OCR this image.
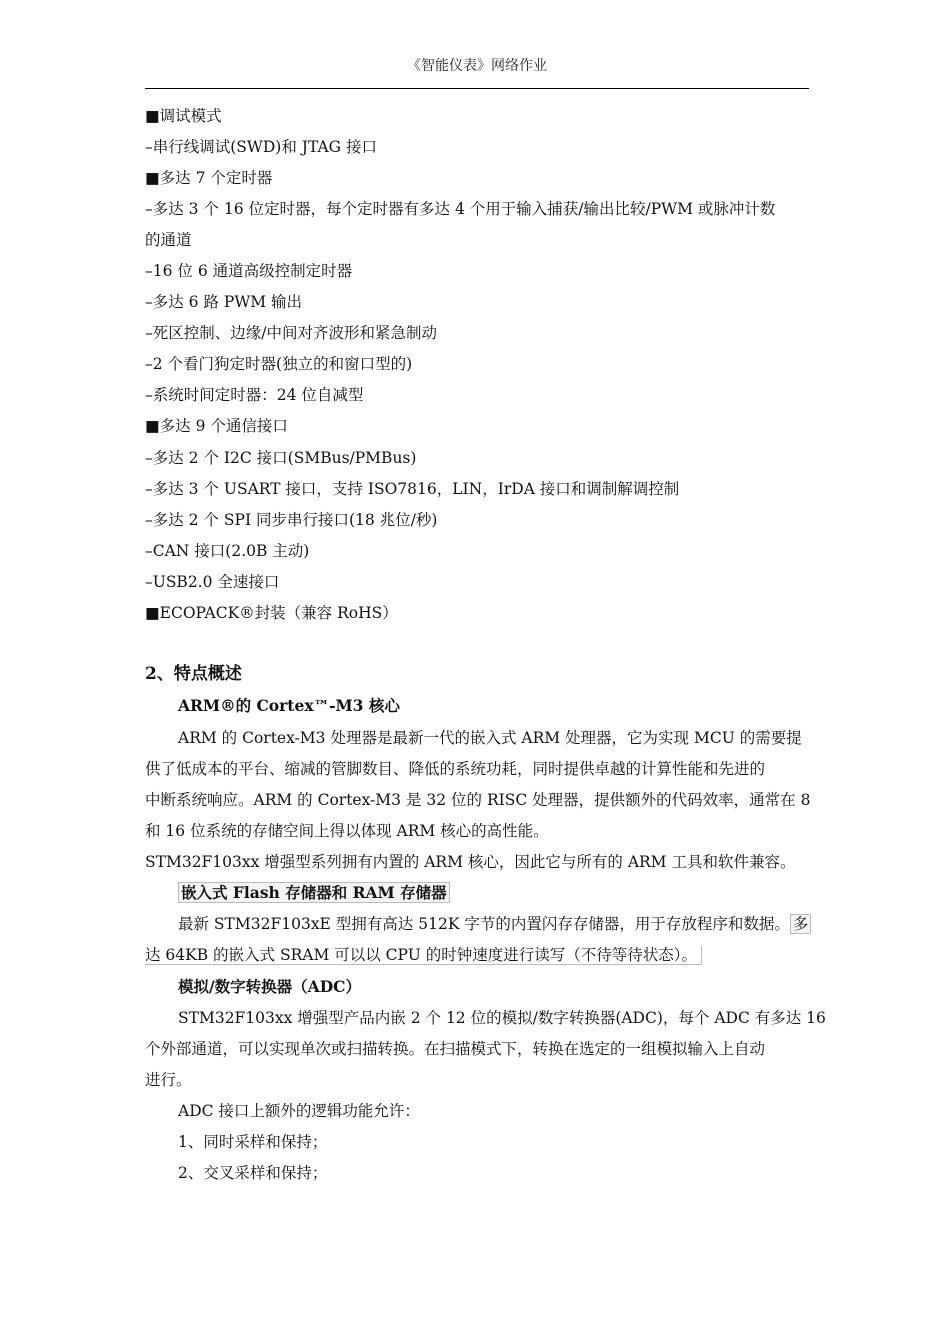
《智能仪表》网络作业
■调试模式
–串行线调试(SWD)和 JTAG 接口
■多达 7 个定时器
–多达 3 个 16 位定时器，每个定时器有多达 4 个用于输入捕获/输出比较/PWM 或脉冲计数
的通道
–16 位 6 通道高级控制定时器
–多达 6 路 PWM 输出
–死区控制、边缘/中间对齐波形和紧急制动
–2 个看门狗定时器(独立的和窗口型的)
–系统时间定时器：24 位自减型
■多达 9 个通信接口
–多达 2 个 I2C 接口(SMBus/PMBus)
–多达 3 个 USART 接口，支持 ISO7816，LIN，IrDA 接口和调制解调控制
–多达 2 个 SPI 同步串行接口(18 兆位/秒)
–CAN 接口(2.0B 主动)
–USB2.0 全速接口
■ECOPACK®封装（兼容 RoHS）
2、特点概述
ARM®的 Cortex™-M3 核心
ARM 的 Cortex-M3 处理器是最新一代的嵌入式 ARM 处理器，它为实现 MCU 的需要提
供了低成本的平台、缩减的管脚数目、降低的系统功耗，同时提供卓越的计算性能和先进的
中断系统响应。ARM 的 Cortex-M3 是 32 位的 RISC 处理器，提供额外的代码效率，通常在 8
和 16 位系统的存储空间上得以体现 ARM 核心的高性能。
STM32F103xx 增强型系列拥有内置的 ARM 核心，因此它与所有的 ARM 工具和软件兼容。
嵌入式 Flash 存储器和 RAM 存储器
最新 STM32F103xE 型拥有高达 512K 字节的内置闪存存储器，用于存放程序和数据。 多
达 64KB 的嵌入式 SRAM 可以以 CPU 的时钟速度进行读写（不待等待状态）。
模拟/数字转换器（ADC）
STM32F103xx 增强型产品内嵌 2 个 12 位的模拟/数字转换器(ADC)，每个 ADC 有多达 16
个外部通道，可以实现单次或扫描转换。在扫描模式下，转换在选定的一组模拟输入上自动
进行。
ADC 接口上额外的逻辑功能允许：
1、同时采样和保持；
2、交叉采样和保持；
